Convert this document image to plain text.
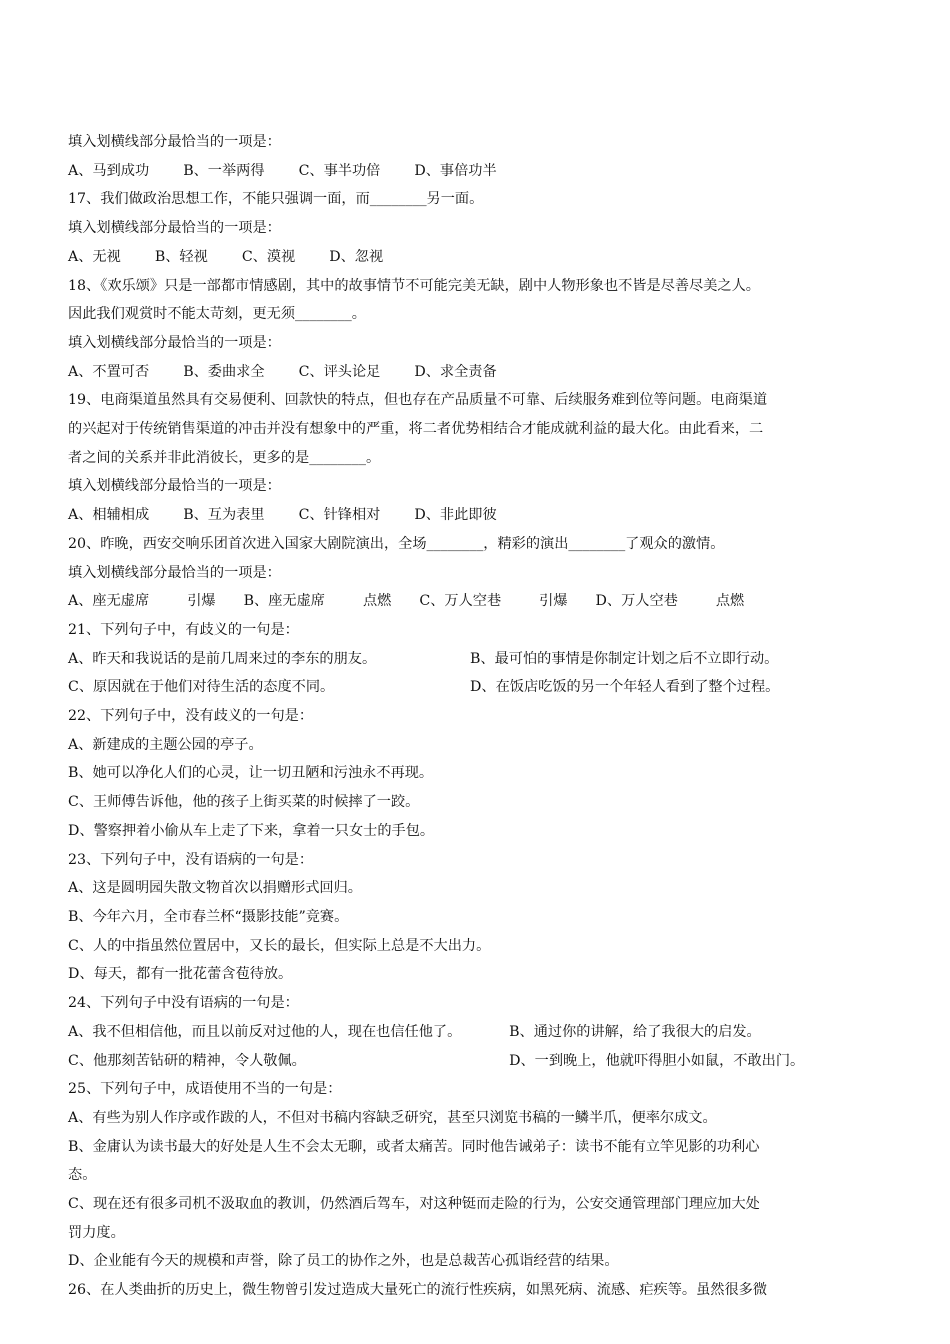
填入划横线部分最恰当的一项是：
A、马到成功 B、一举两得 C、事半功倍 D、事倍功半
17、我们做政治思想工作，不能只强调一面，而________另一面。
填入划横线部分最恰当的一项是：
A、无视 B、轻视 C、漠视 D、忽视
18、《欢乐颂》只是一部都市情感剧，其中的故事情节不可能完美无缺，剧中人物形象也不皆是尽善尽美之人。
因此我们观赏时不能太苛刻，更无须________。
填入划横线部分最恰当的一项是：
A、不置可否 B、委曲求全 C、评头论足 D、求全责备
19、电商渠道虽然具有交易便利、回款快的特点，但也存在产品质量不可靠、后续服务难到位等问题。电商渠道
的兴起对于传统销售渠道的冲击并没有想象中的严重，将二者优势相结合才能成就利益的最大化。由此看来，二
者之间的关系并非此消彼长，更多的是________。
填入划横线部分最恰当的一项是：
A、相辅相成 B、互为表里 C、针锋相对 D、非此即彼
20、昨晚，西安交响乐团首次进入国家大剧院演出，全场________，精彩的演出________了观众的激情。
填入划横线部分最恰当的一项是：
A、座无虚席	引爆 B、座无虚席	点燃 C、万人空巷	引爆 D、万人空巷	点燃
21、下列句子中，有歧义的一句是：
A、昨天和我说话的是前几周来过的李东的朋友。	B、最可怕的事情是你制定计划之后不立即行动。
C、原因就在于他们对待生活的态度不同。	D、在饭店吃饭的另一个年轻人看到了整个过程。
22、下列句子中，没有歧义的一句是：
A、新建成的主题公园的亭子。
B、她可以净化人们的心灵，让一切丑陋和污浊永不再现。
C、王师傅告诉他，他的孩子上街买菜的时候摔了一跤。
D、警察押着小偷从车上走了下来，拿着一只女士的手包。
23、下列句子中，没有语病的一句是：
A、这是圆明园失散文物首次以捐赠形式回归。
B、今年六月，全市春兰杯“摄影技能”竞赛。
C、人的中指虽然位置居中，又长的最长，但实际上总是不大出力。
D、每天，都有一批花蕾含苞待放。
24、下列句子中没有语病的一句是：
A、我不但相信他，而且以前反对过他的人，现在也信任他了。	B、通过你的讲解，给了我很大的启发。
C、他那刻苦钻研的精神，令人敬佩。	D、一到晚上，他就吓得胆小如鼠，不敢出门。
25、下列句子中，成语使用不当的一句是：
A、有些为别人作序或作跋的人，不但对书稿内容缺乏研究，甚至只浏览书稿的一鳞半爪，便率尔成文。
B、金庸认为读书最大的好处是人生不会太无聊，或者太痛苦。同时他告诫弟子：读书不能有立竿见影的功利心
态。
C、现在还有很多司机不汲取血的教训，仍然酒后驾车，对这种铤而走险的行为，公安交通管理部门理应加大处
罚力度。
D、企业能有今天的规模和声誉，除了员工的协作之外，也是总裁苦心孤诣经营的结果。
26、在人类曲折的历史上，微生物曾引发过造成大量死亡的流行性疾病，如黑死病、流感、疟疾等。虽然很多微
